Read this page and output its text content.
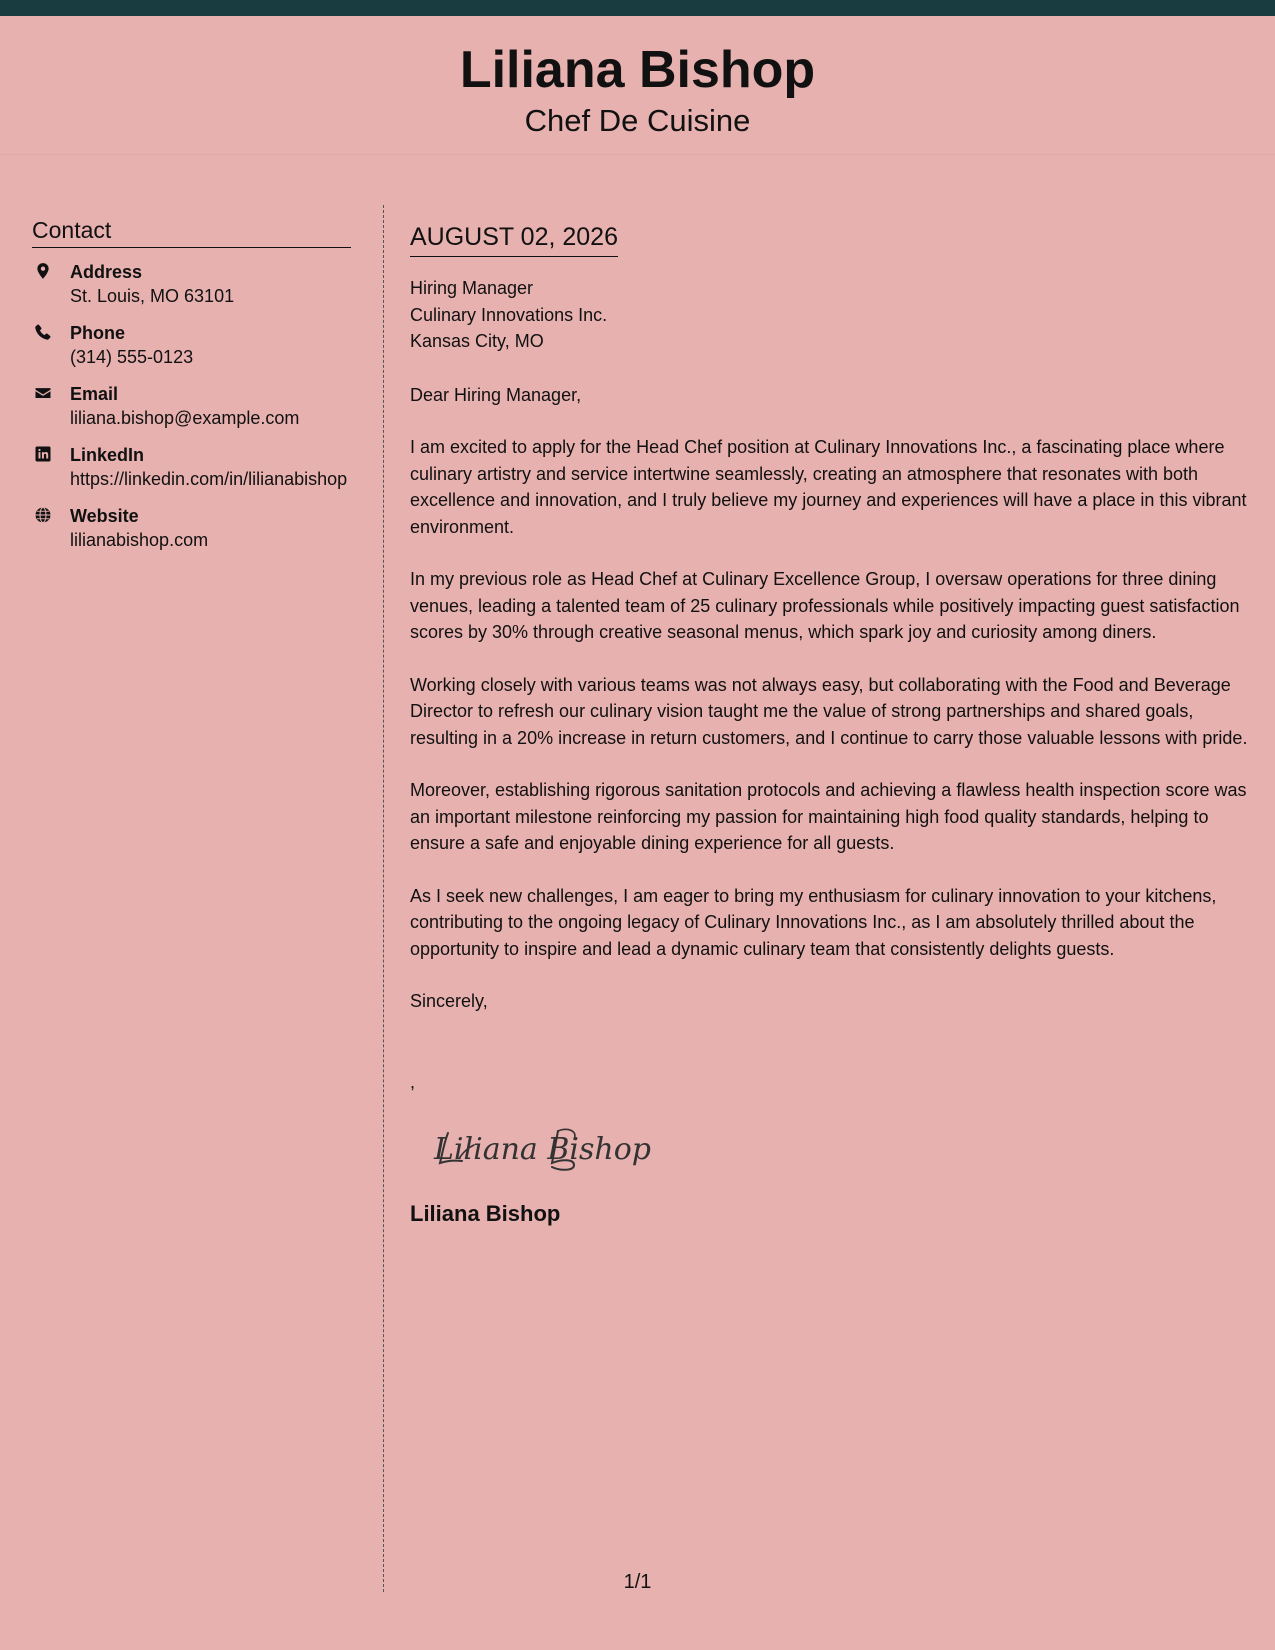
Liliana Bishop
Chef De Cuisine
Contact
Address
St. Louis, MO 63101
Phone
(314) 555-0123
Email
liliana.bishop@example.com
LinkedIn
https://linkedin.com/in/lilianabishop
Website
lilianabishop.com
AUGUST 02, 2026
Hiring Manager
Culinary Innovations Inc.
Kansas City, MO
Dear Hiring Manager,
I am excited to apply for the Head Chef position at Culinary Innovations Inc., a fascinating place where culinary artistry and service intertwine seamlessly, creating an atmosphere that resonates with both excellence and innovation, and I truly believe my journey and experiences will have a place in this vibrant environment.
In my previous role as Head Chef at Culinary Excellence Group, I oversaw operations for three dining venues, leading a talented team of 25 culinary professionals while positively impacting guest satisfaction scores by 30% through creative seasonal menus, which spark joy and curiosity among diners.
Working closely with various teams was not always easy, but collaborating with the Food and Beverage Director to refresh our culinary vision taught me the value of strong partnerships and shared goals, resulting in a 20% increase in return customers, and I continue to carry those valuable lessons with pride.
Moreover, establishing rigorous sanitation protocols and achieving a flawless health inspection score was an important milestone reinforcing my passion for maintaining high food quality standards, helping to ensure a safe and enjoyable dining experience for all guests.
As I seek new challenges, I am eager to bring my enthusiasm for culinary innovation to your kitchens, contributing to the ongoing legacy of Culinary Innovations Inc., as I am absolutely thrilled about the opportunity to inspire and lead a dynamic culinary team that consistently delights guests.
Sincerely,
,
Liliana Bishop
Liliana Bishop
1/1
